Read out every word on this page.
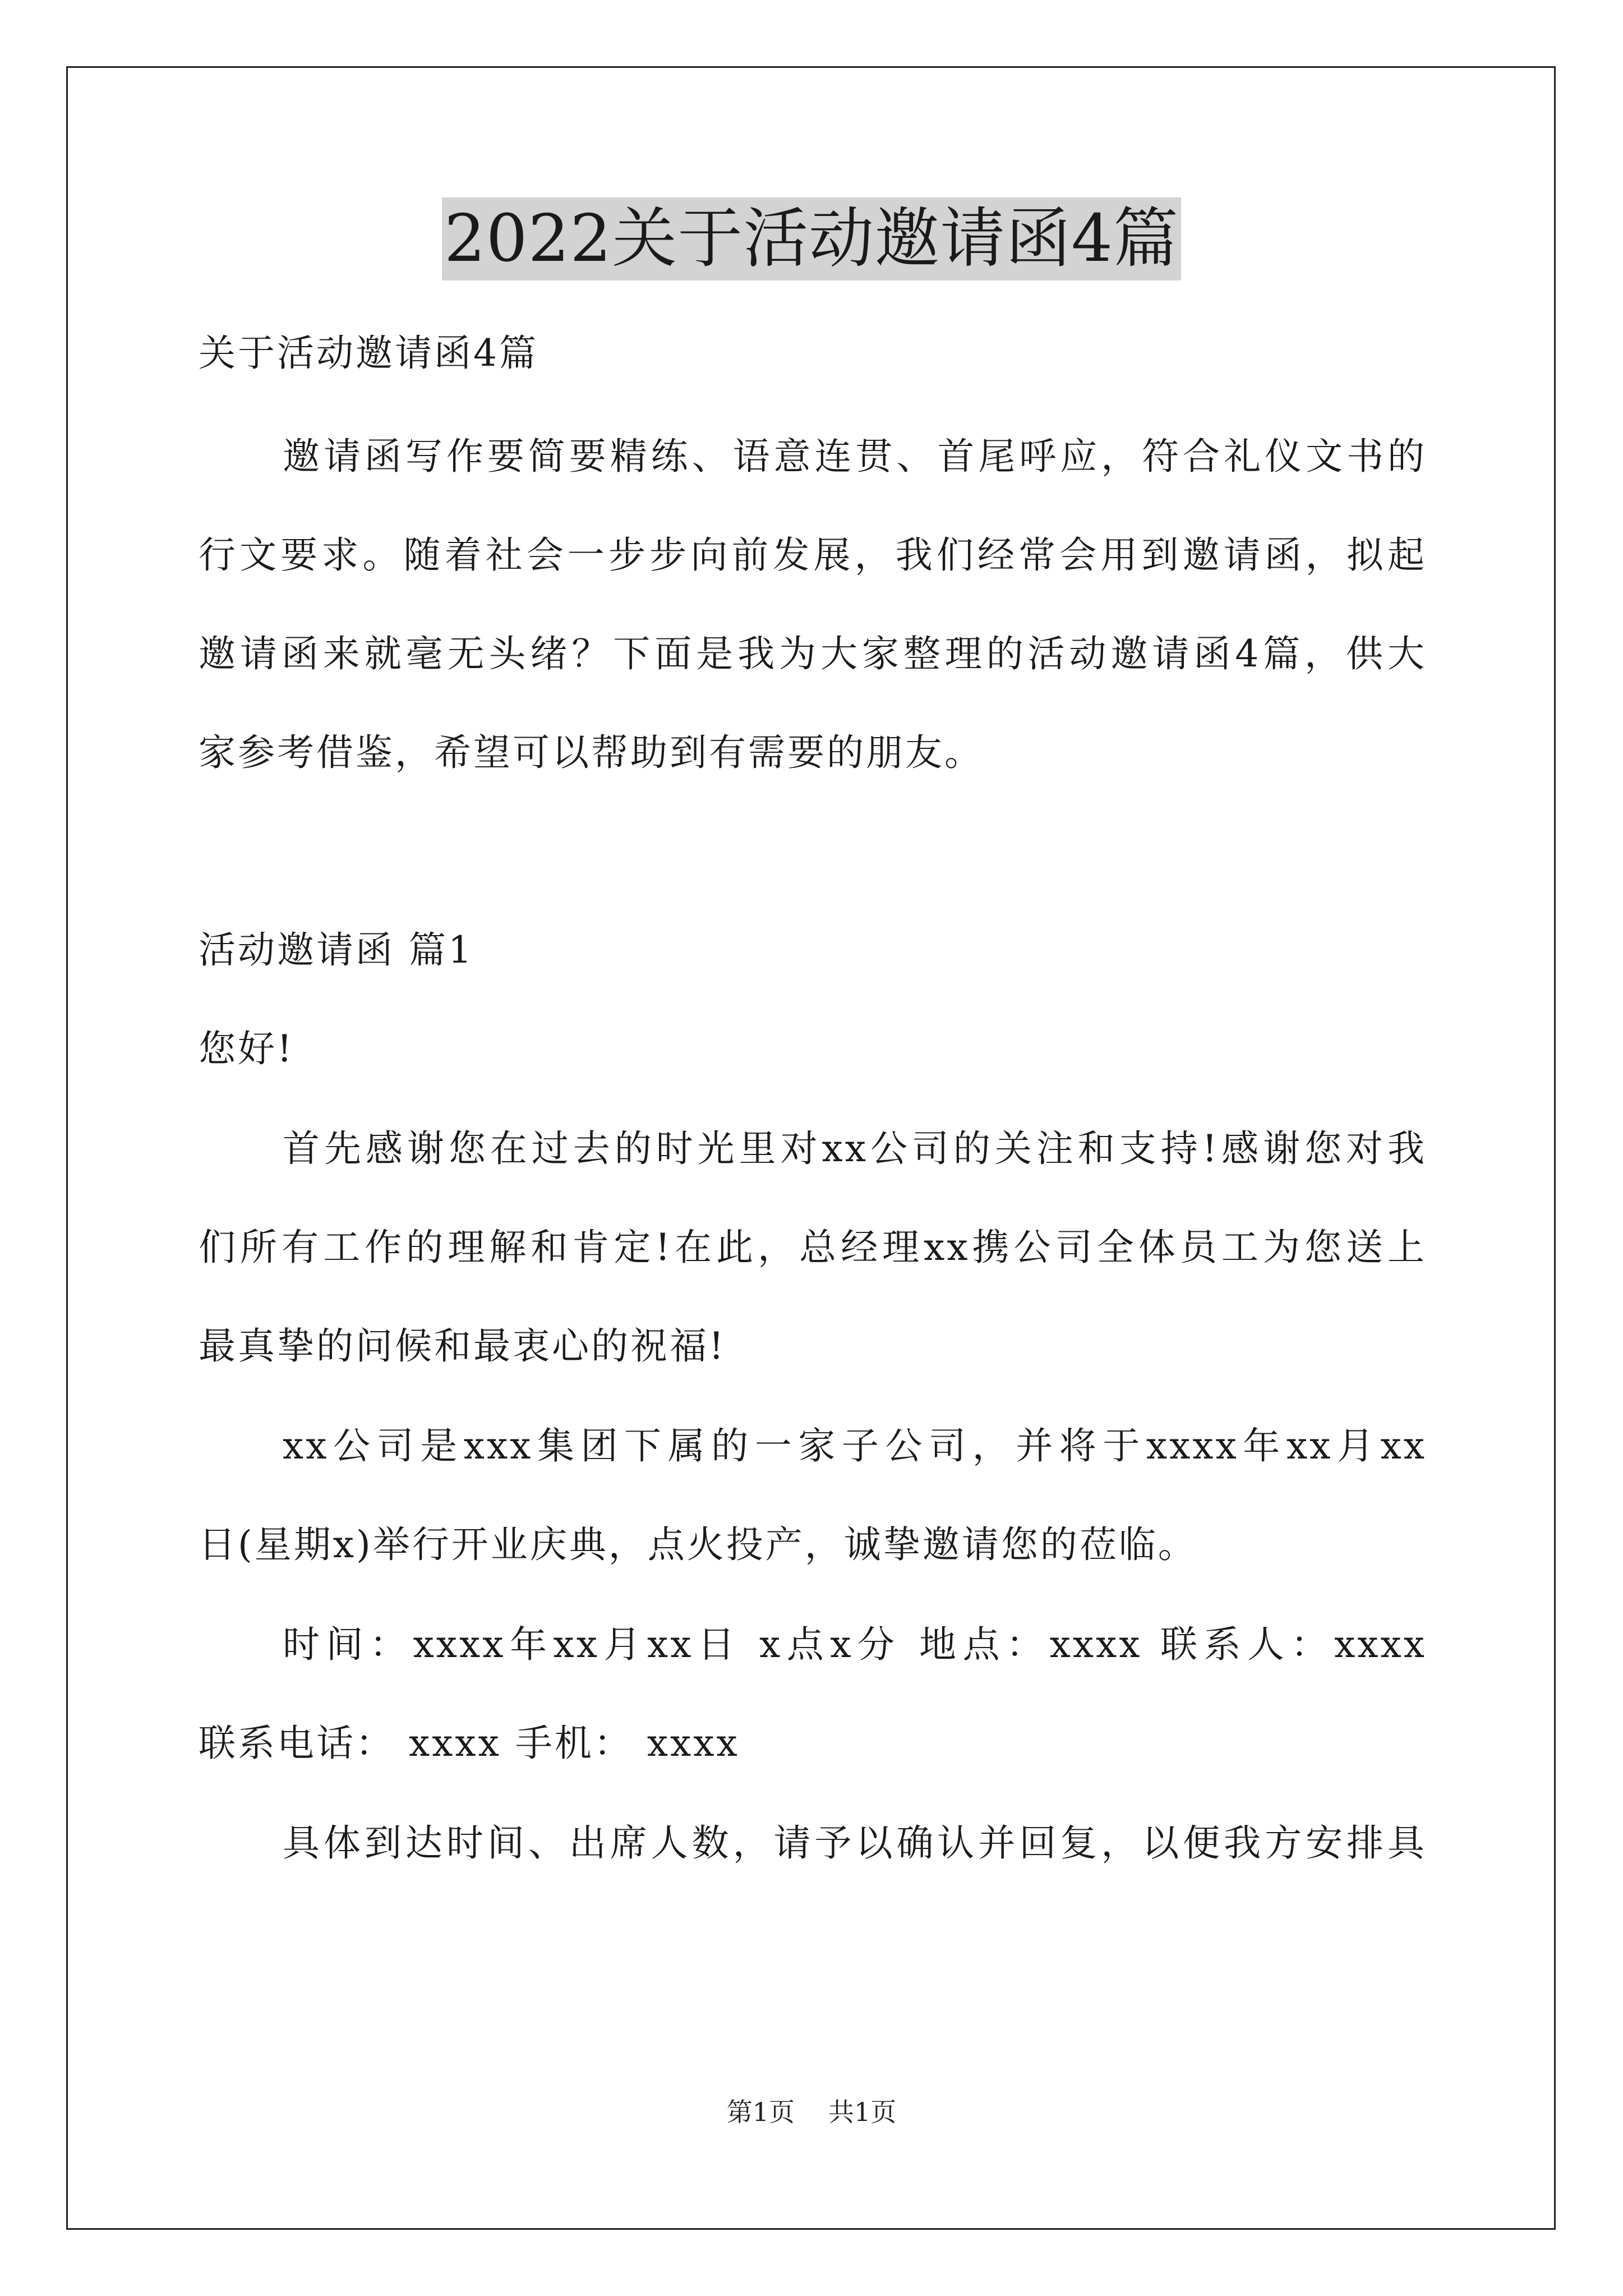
2022关于活动邀请函4篇
关于活动邀请函4篇
邀请函写作要简要精练、语意连贯、首尾呼应，符合礼仪文书的
行文要求。随着社会一步步向前发展，我们经常会用到邀请函，拟起
邀请函来就毫无头绪？下面是我为大家整理的活动邀请函4篇，供大
家参考借鉴，希望可以帮助到有需要的朋友。
活动邀请函 篇1
您好!
首先感谢您在过去的时光里对xx公司的关注和支持!感谢您对我
们所有工作的理解和肯定!在此，总经理xx携公司全体员工为您送上
最真挚的问候和最衷心的祝福!
xx公司是xxx集团下属的一家子公司，并将于xxxx年xx月xx
日(星期x)举行开业庆典，点火投产，诚挚邀请您的莅临。
时间：xxxx年xx月xx日 x点x分 地点：xxxx 联系人：xxxx
联系电话： xxxx 手机： xxxx
具体到达时间、出席人数，请予以确认并回复，以便我方安排具
第1页 共1页
